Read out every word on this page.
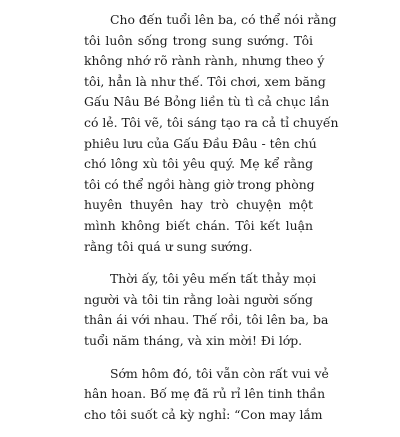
Cho đến tuổi lên ba, có thể nói rằng
tôi luôn sống trong sung sướng. Tôi
không nhớ rõ rành rành, nhưng theo ý
tôi, hẳn là như thế. Tôi chơi, xem băng
Gấu Nâu Bé Bỏng liền tù tì cả chục lần
có lẻ. Tôi vẽ, tôi sáng tạo ra cả tỉ chuyến
phiêu lưu của Gấu Đầu Đâu - tên chú
chó lông xù tôi yêu quý. Mẹ kể rằng
tôi có thể ngồi hàng giờ trong phòng
huyên thuyên hay trò chuyện một
mình không biết chán. Tôi kết luận
rằng tôi quá ư sung sướng.

Thời ấy, tôi yêu mến tất thảy mọi
người và tôi tin rằng loài người sống
thân ái với nhau. Thế rồi, tôi lên ba, ba
tuổi năm tháng, và xin mời! Đi lớp.

Sớm hôm đó, tôi vẫn còn rất vui vẻ
hân hoan. Bố mẹ đã rủ rỉ lên tinh thần
cho tôi suốt cả kỳ nghỉ: “Con may lắm
